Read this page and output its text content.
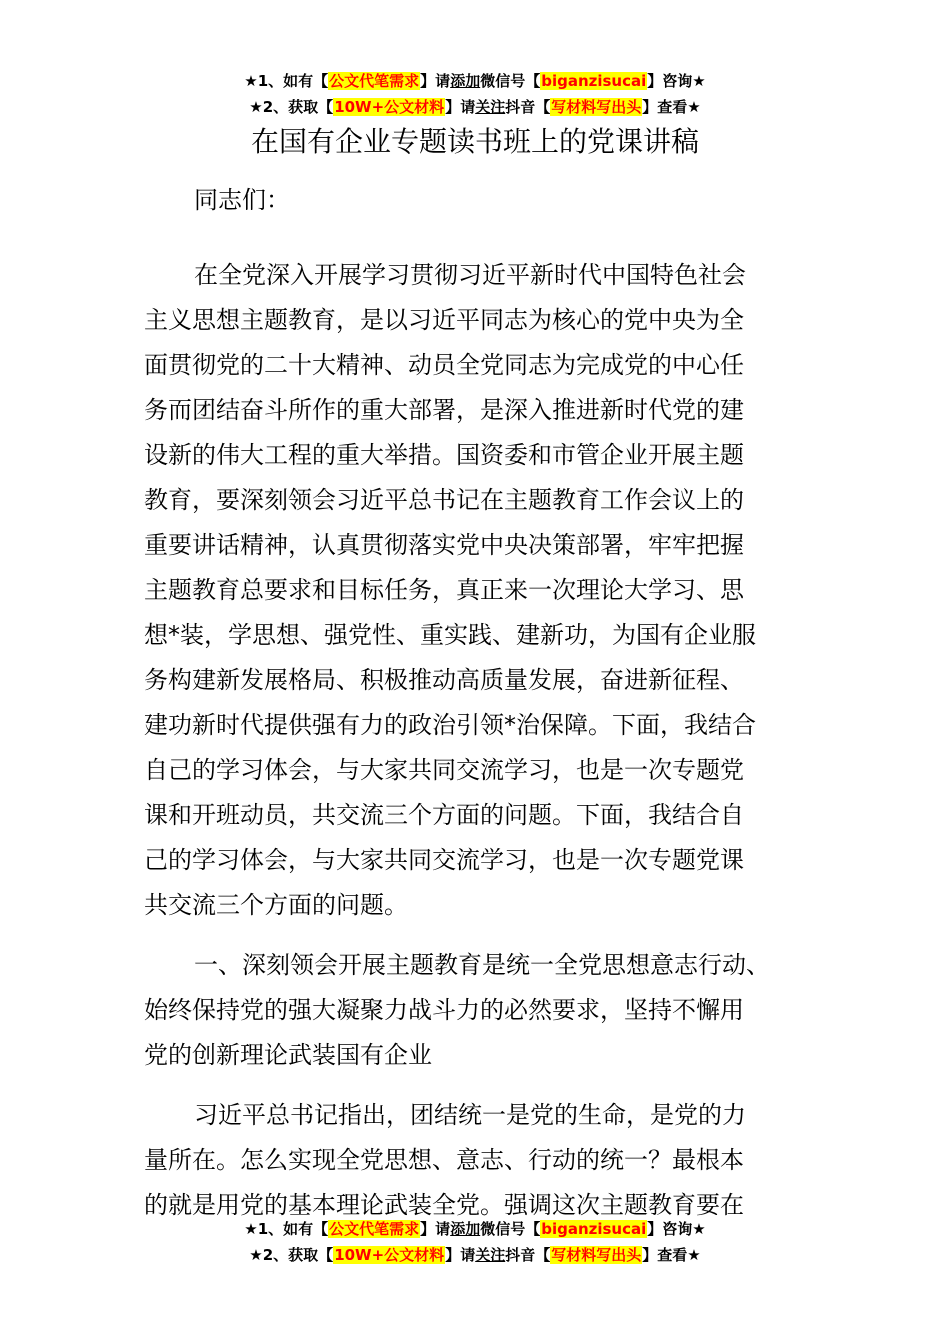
★1、如有【公文代笔需求】请添加微信号【biganzisucai】咨询★
★2、获取【10W+公文材料】请关注抖音【写材料写出头】查看★
在国有企业专题读书班上的党课讲稿

同志们：

在全党深入开展学习贯彻习近平新时代中国特色社会
主义思想主题教育，是以习近平同志为核心的党中央为全
面贯彻党的二十大精神、动员全党同志为完成党的中心任
务而团结奋斗所作的重大部署，是深入推进新时代党的建
设新的伟大工程的重大举措。国资委和市管企业开展主题
教育，要深刻领会习近平总书记在主题教育工作会议上的
重要讲话精神，认真贯彻落实党中央决策部署，牢牢把握
主题教育总要求和目标任务，真正来一次理论大学习、思
想*装，学思想、强党性、重实践、建新功，为国有企业服
务构建新发展格局、积极推动高质量发展，奋进新征程、
建功新时代提供强有力的政治引领*治保障。下面，我结合
自己的学习体会，与大家共同交流学习，也是一次专题党
课和开班动员，共交流三个方面的问题。下面，我结合自
己的学习体会，与大家共同交流学习，也是一次专题党课
共交流三个方面的问题。

一、深刻领会开展主题教育是统一全党思想意志行动、
始终保持党的强大凝聚力战斗力的必然要求，坚持不懈用
党的创新理论武装国有企业

习近平总书记指出，团结统一是党的生命，是党的力
量所在。怎么实现全党思想、意志、行动的统一？最根本
的就是用党的基本理论武装全党。强调这次主题教育要在

★1、如有【公文代笔需求】请添加微信号【biganzisucai】咨询★
★2、获取【10W+公文材料】请关注抖音【写材料写出头】查看★
